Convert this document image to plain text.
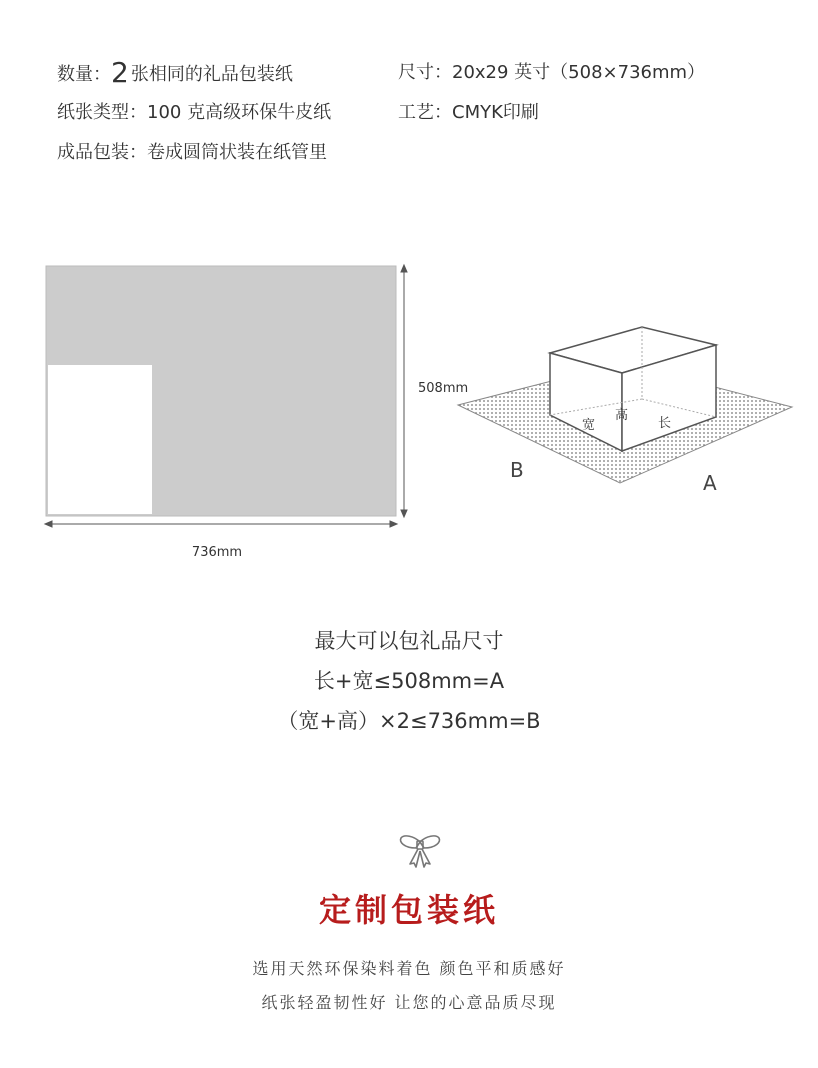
数量：2 张相同的礼品包装纸	尺寸：20x29 英寸（508×736mm）
纸张类型：100 克高级环保牛皮纸	工艺：CMYK印刷
成品包装：卷成圆筒状装在纸管里
736mm
508mm
宽
高
长
B
A
最大可以包礼品尺寸
长+宽≤508mm=A
（宽+高）×2≤736mm=B
定制包装纸
选用天然环保染料着色 颜色平和质感好
纸张轻盈韧性好 让您的心意品质尽现
